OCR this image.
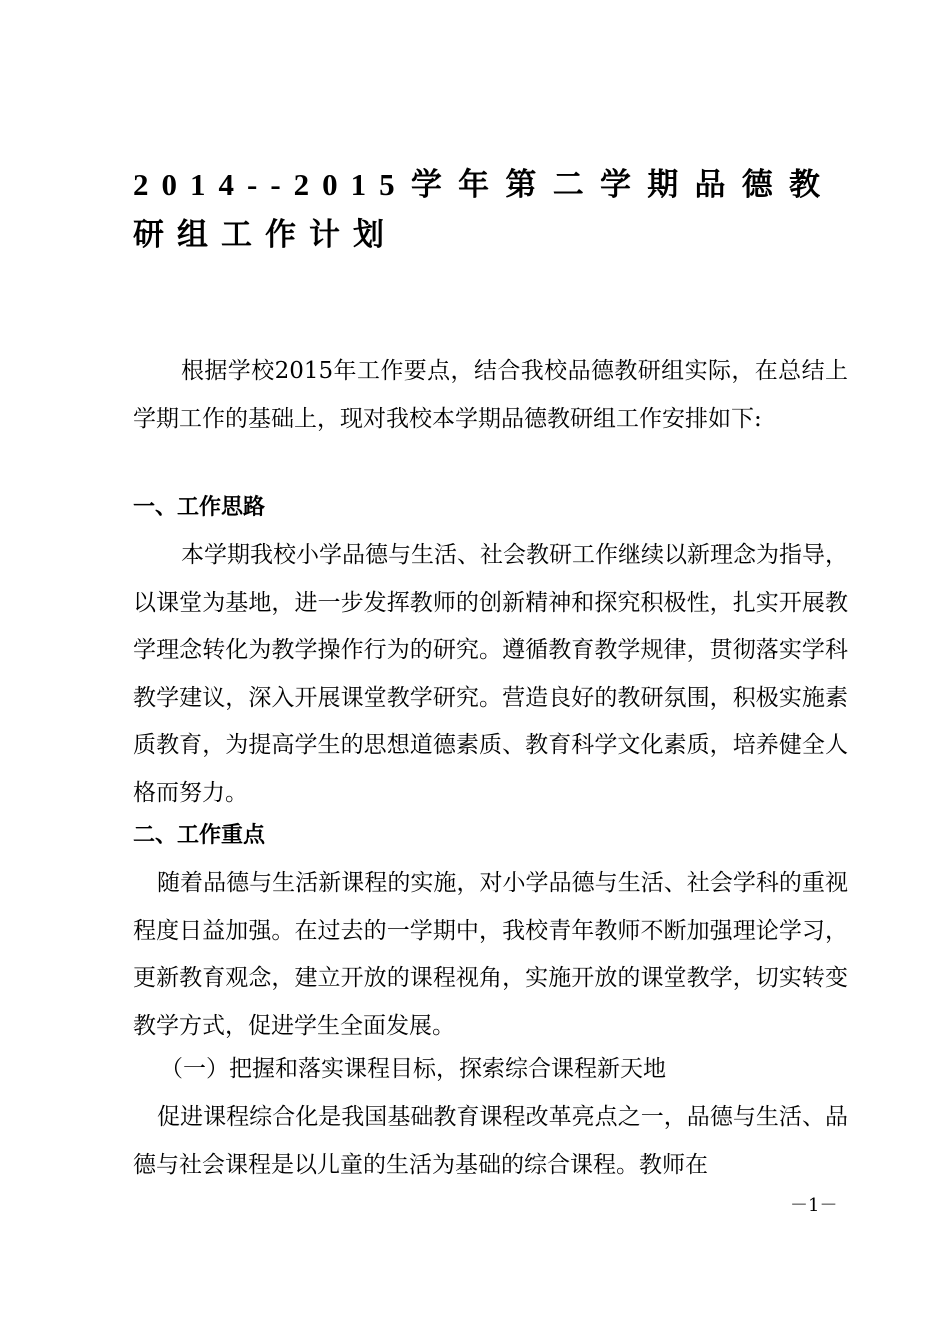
2014--2015学年第二学期品德教研组工作计划

根据学校2015年工作要点，结合我校品德教研组实际，在总结上学期工作的基础上，现对我校本学期品德教研组工作安排如下:

一、工作思路

本学期我校小学品德与生活、社会教研工作继续以新理念为指导，以课堂为基地，进一步发挥教师的创新精神和探究积极性，扎实开展教学理念转化为教学操作行为的研究。遵循教育教学规律，贯彻落实学科教学建议，深入开展课堂教学研究。营造良好的教研氛围，积极实施素质教育，为提高学生的思想道德素质、教育科学文化素质，培养健全人格而努力。

二、工作重点

随着品德与生活新课程的实施，对小学品德与生活、社会学科的重视程度日益加强。在过去的一学期中，我校青年教师不断加强理论学习，更新教育观念，建立开放的课程视角，实施开放的课堂教学，切实转变教学方式，促进学生全面发展。

（一）把握和落实课程目标，探索综合课程新天地

促进课程综合化是我国基础教育课程改革亮点之一，品德与生活、品德与社会课程是以儿童的生活为基础的综合课程。教师在

－1－
